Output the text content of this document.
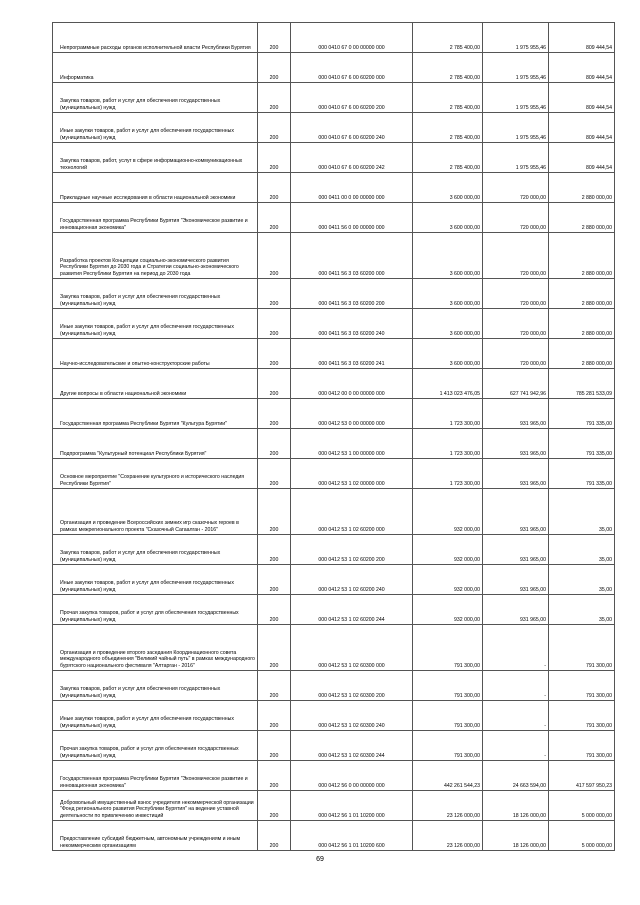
Непрограммные расходы органов исполнительной власти Республики Бурятия	200	000 0410 67 0 00 00000 000	2 785 400,00	1 975 955,46	809 444,54
Информатика	200	000 0410 67 6 00 60200 000	2 785 400,00	1 975 955,46	809 444,54
Закупка товаров, работ и услуг для обеспечения государственных (муниципальных) нужд	200	000 0410 67 6 00 60200 200	2 785 400,00	1 975 955,46	809 444,54
Иные закупки товаров, работ и услуг для обеспечения государственных (муниципальных) нужд	200	000 0410 67 6 00 60200 240	2 785 400,00	1 975 955,46	809 444,54
Закупка товаров, работ, услуг в сфере информационно-коммуникационных технологий	200	000 0410 67 6 00 60200 242	2 785 400,00	1 975 955,46	809 444,54
Прикладные научные исследования в области национальной экономики	200	000 0411 00 0 00 00000 000	3 600 000,00	720 000,00	2 880 000,00
Государственная программа Республики Бурятия "Экономическое развитие и инновационная экономика"	200	000 0411 56 0 00 00000 000	3 600 000,00	720 000,00	2 880 000,00
Разработка проектов Концепции социально-экономического развития Республики Бурятия до 2030 года и Стратегии социально-экономического развития Республики Бурятия на период до 2030 года	200	000 0411 56 3 03 60200 000	3 600 000,00	720 000,00	2 880 000,00
Закупка товаров, работ и услуг для обеспечения государственных (муниципальных) нужд	200	000 0411 56 3 03 60200 200	3 600 000,00	720 000,00	2 880 000,00
Иные закупки товаров, работ и услуг для обеспечения государственных (муниципальных) нужд	200	000 0411 56 3 03 60200 240	3 600 000,00	720 000,00	2 880 000,00
Научно-исследовательские и опытно-конструкторские работы	200	000 0411 56 3 03 60200 241	3 600 000,00	720 000,00	2 880 000,00
Другие вопросы в области национальной экономики	200	000 0412 00 0 00 00000 000	1 413 023 476,05	627 741 942,96	785 281 533,09
Государственная программа Республики Бурятия "Культура Бурятии"	200	000 0412 53 0 00 00000 000	1 723 300,00	931 965,00	791 335,00
Подпрограмма "Культурный потенциал Республики Бурятия"	200	000 0412 53 1 00 00000 000	1 723 300,00	931 965,00	791 335,00
Основное мероприятие "Сохранение культурного и исторического наследия Республики Бурятия"	200	000 0412 53 1 02 00000 000	1 723 300,00	931 965,00	791 335,00
Организация и проведение Всероссийских зимних игр сказочных героев в рамках межрегионального проекта "Сказочный Сагаалган - 2016"	200	000 0412 53 1 02 60200 000	932 000,00	931 965,00	35,00
Закупка товаров, работ и услуг для обеспечения государственных (муниципальных) нужд	200	000 0412 53 1 02 60200 200	932 000,00	931 965,00	35,00
Иные закупки товаров, работ и услуг для обеспечения государственных (муниципальных) нужд	200	000 0412 53 1 02 60200 240	932 000,00	931 965,00	35,00
Прочая закупка товаров, работ и услуг для обеспечения государственных (муниципальных) нужд	200	000 0412 53 1 02 60200 244	932 000,00	931 965,00	35,00
Организация и проведение второго заседания Координационного совета международного объединения "Великий чайный путь" в рамках международного бурятского национального фестиваля "Алтарган - 2016"	200	000 0412 53 1 02 60300 000	791 300,00	-	791 300,00
Закупка товаров, работ и услуг для обеспечения государственных (муниципальных) нужд	200	000 0412 53 1 02 60300 200	791 300,00	-	791 300,00
Иные закупки товаров, работ и услуг для обеспечения государственных (муниципальных) нужд	200	000 0412 53 1 02 60300 240	791 300,00	-	791 300,00
Прочая закупка товаров, работ и услуг для обеспечения государственных (муниципальных) нужд	200	000 0412 53 1 02 60300 244	791 300,00	-	791 300,00
Государственная программа Республики Бурятия "Экономическое развитие и инновационная экономика"	200	000 0412 56 0 00 00000 000	442 261 544,23	24 663 594,00	417 597 950,23
Добровольный имущественный взнос учредителя некоммерческой организации "Фонд регионального развития Республики Бурятия" на ведение уставной деятельности по привлечению инвестиций	200	000 0412 56 1 01 10200 000	23 126 000,00	18 126 000,00	5 000 000,00
Предоставление субсидий бюджетным, автономным учреждениям и иным некоммерческим организациям	200	000 0412 56 1 01 10200 600	23 126 000,00	18 126 000,00	5 000 000,00
69
